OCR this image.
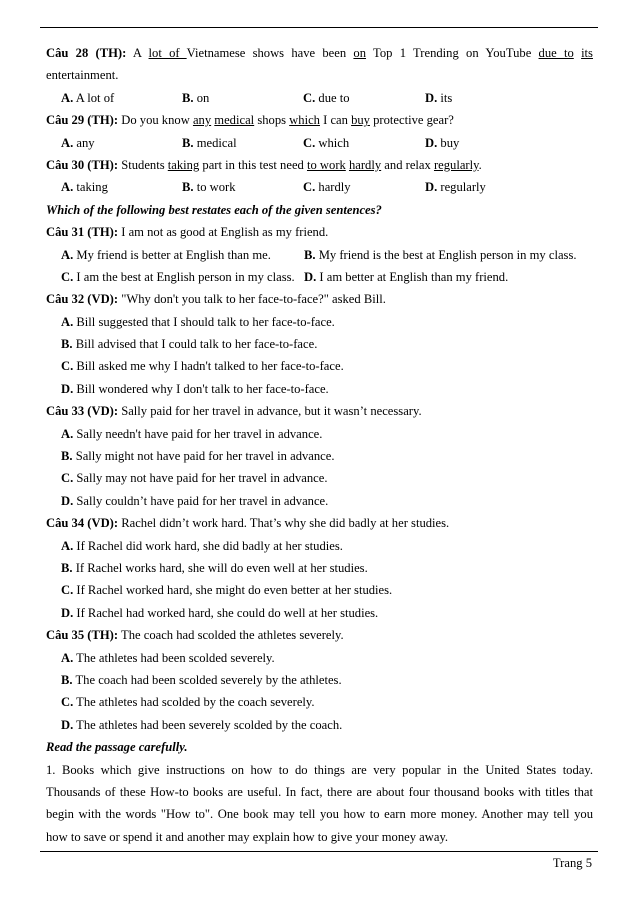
Câu 28 (TH): A lot of Vietnamese shows have been on Top 1 Trending on YouTube due to its
entertainment.
A. A lot of	B. on	C. due to	D. its
Câu 29 (TH): Do you know any medical shops which I can buy protective gear?
A. any	B. medical	C. which	D. buy
Câu 30 (TH): Students taking part in this test need to work hardly and relax regularly.
A. taking	B. to work	C. hardly	D. regularly
Which of the following best restates each of the given sentences?
Câu 31 (TH): I am not as good at English as my friend.
A. My friend is better at English than me.	B. My friend is the best at English person in my class.
C. I am the best at English person in my class. D. I am better at English than my friend.
Câu 32 (VD): "Why don't you talk to her face-to-face?" asked Bill.
A. Bill suggested that I should talk to her face-to-face.
B. Bill advised that I could talk to her face-to-face.
C. Bill asked me why I hadn't talked to her face-to-face.
D. Bill wondered why I don't talk to her face-to-face.
Câu 33 (VD): Sally paid for her travel in advance, but it wasn’t necessary.
A. Sally needn't have paid for her travel in advance.
B. Sally might not have paid for her travel in advance.
C. Sally may not have paid for her travel in advance.
D. Sally couldn’t have paid for her travel in advance.
Câu 34 (VD): Rachel didn’t work hard. That’s why she did badly at her studies.
A. If Rachel did work hard, she did badly at her studies.
B. If Rachel works hard, she will do even well at her studies.
C. If Rachel worked hard, she might do even better at her studies.
D. If Rachel had worked hard, she could do well at her studies.
Câu 35 (TH): The coach had scolded the athletes severely.
A. The athletes had been scolded severely.
B. The coach had been scolded severely by the athletes.
C. The athletes had scolded by the coach severely.
D. The athletes had been severely scolded by the coach.
Read the passage carefully.
1. Books which give instructions on how to do things are very popular in the United States today.
Thousands of these How-to books are useful. In fact, there are about four thousand books with titles that
begin with the words "How to". One book may tell you how to earn more money. Another may tell you
how to save or spend it and another may explain how to give your money away.
Trang 5
